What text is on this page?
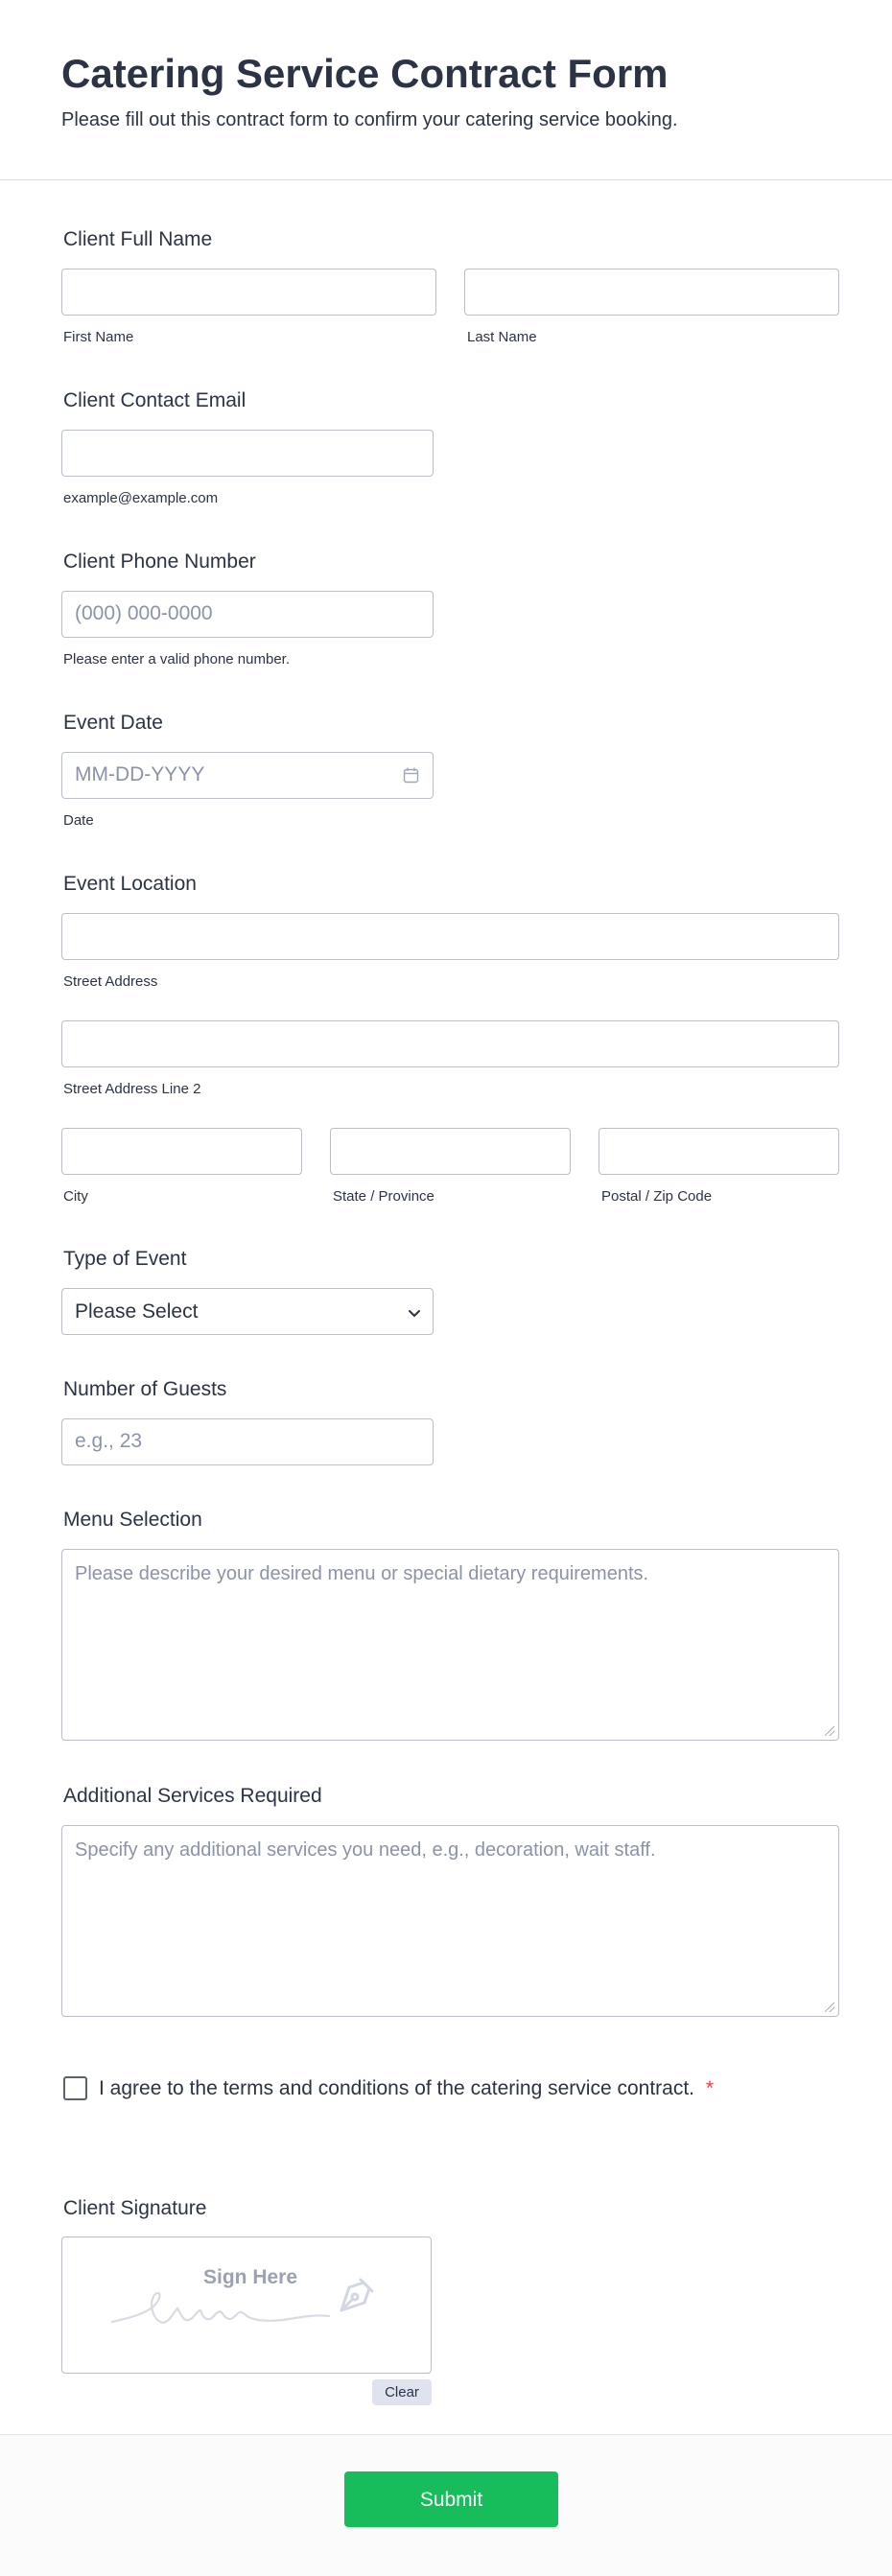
Catering Service Contract Form

Please fill out this contract form to confirm your catering service booking.

Client Full Name
First Name	Last Name
Client Contact Email
example@example.com
Client Phone Number
(000) 000-0000
Please enter a valid phone number.
Event Date
MM-DD-YYYY
Date
Event Location
Street Address
Street Address Line 2
City	State / Province	Postal / Zip Code
Type of Event
Please Select
Number of Guests
e.g., 23
Menu Selection
Please describe your desired menu or special dietary requirements.
Additional Services Required
Specify any additional services you need, e.g., decoration, wait staff.
I agree to the terms and conditions of the catering service contract. *
Client Signature
Sign Here
Clear
Submit
